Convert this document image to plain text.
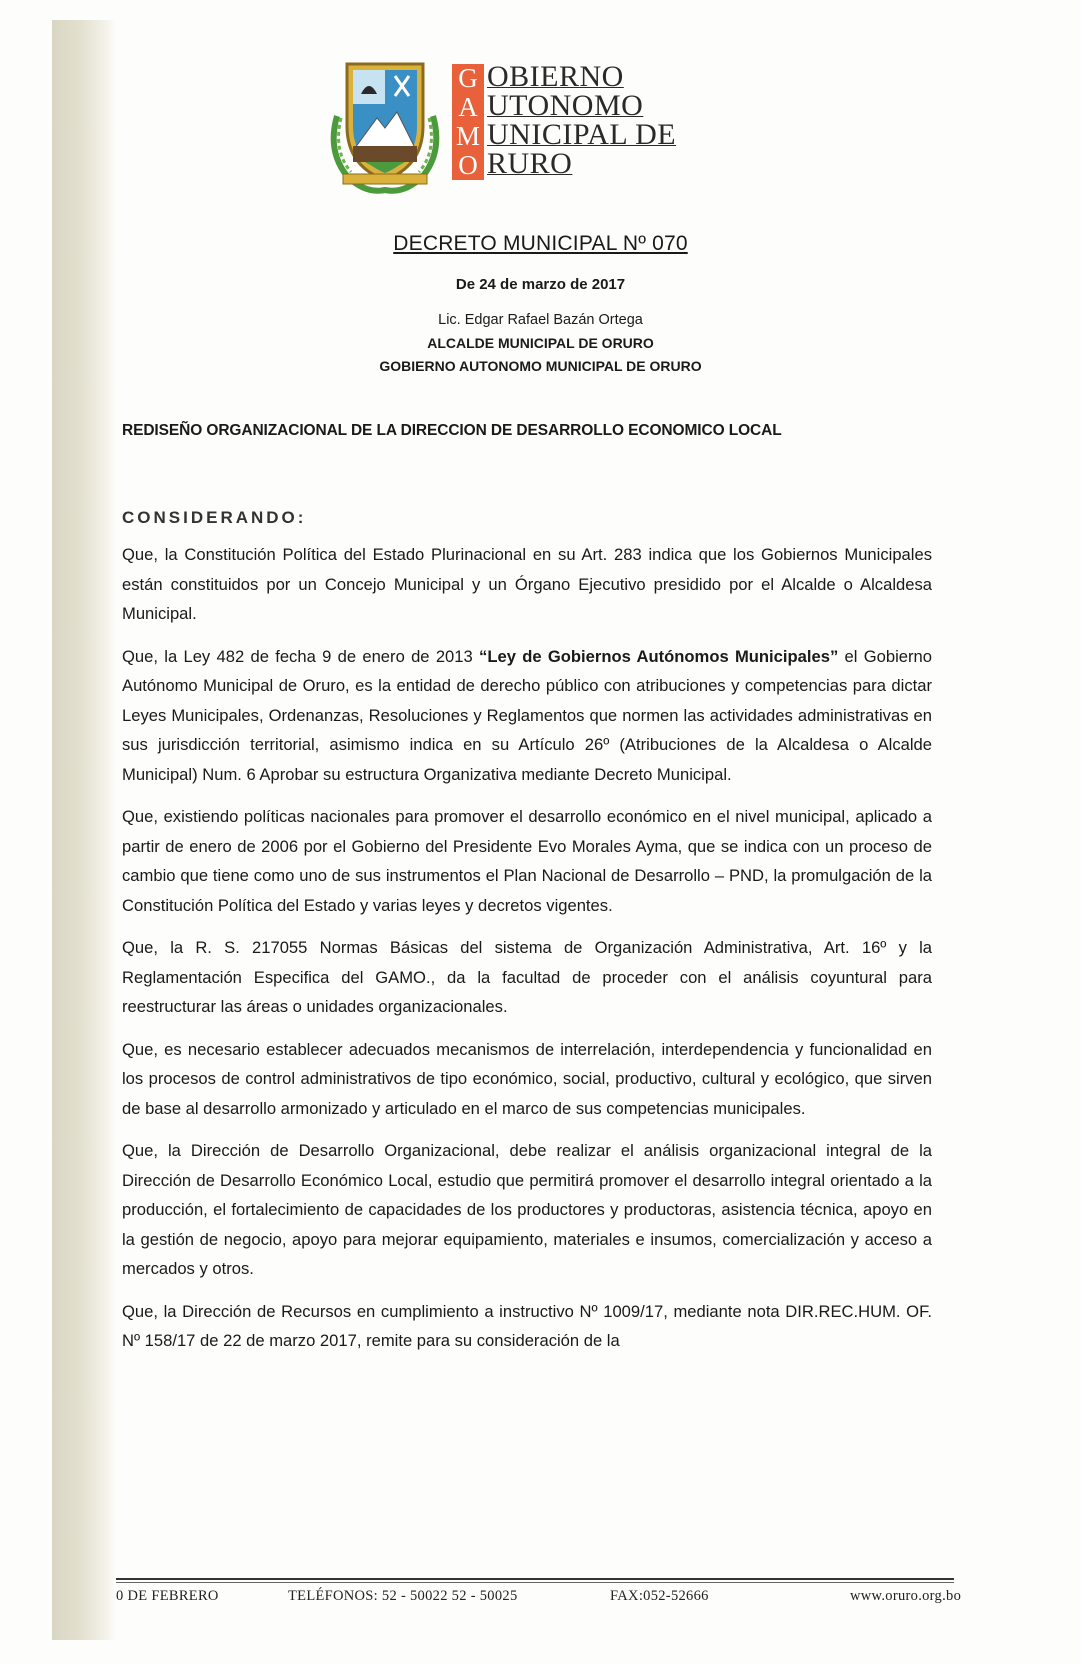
G
A
M
O
OBIERNO
UTONOMO
UNICIPAL DE
RURO
DECRETO MUNICIPAL Nº 070
De 24 de marzo de 2017
Lic. Edgar Rafael Bazán Ortega
ALCALDE MUNICIPAL DE ORURO
GOBIERNO AUTONOMO MUNICIPAL DE ORURO
REDISEÑO ORGANIZACIONAL DE LA DIRECCION DE DESARROLLO ECONOMICO LOCAL
CONSIDERANDO:

Que, la Constitución Política del Estado Plurinacional en su Art. 283 indica que los Gobiernos Municipales están constituidos por un Concejo Municipal y un Órgano Ejecutivo presidido por el Alcalde o Alcaldesa Municipal.

Que, la Ley 482 de fecha 9 de enero de 2013 “Ley de Gobiernos Autónomos Municipales” el Gobierno Autónomo Municipal de Oruro, es la entidad de derecho público con atribuciones y competencias para dictar Leyes Municipales, Ordenanzas, Resoluciones y Reglamentos que normen las actividades administrativas en sus jurisdicción territorial, asimismo indica en su Artículo 26º (Atribuciones de la Alcaldesa o Alcalde Municipal) Num. 6 Aprobar su estructura Organizativa mediante Decreto Municipal.

Que, existiendo políticas nacionales para promover el desarrollo económico en el nivel municipal, aplicado a partir de enero de 2006 por el Gobierno del Presidente Evo Morales Ayma, que se indica con un proceso de cambio que tiene como uno de sus instrumentos el Plan Nacional de Desarrollo – PND, la promulgación de la Constitución Política del Estado y varias leyes y decretos vigentes.

Que, la R. S. 217055 Normas Básicas del sistema de Organización Administrativa, Art. 16º y la Reglamentación Especifica del GAMO., da la facultad de proceder con el análisis coyuntural para reestructurar las áreas o unidades organizacionales.

Que, es necesario establecer adecuados mecanismos de interrelación, interdependencia y funcionalidad en los procesos de control administrativos de tipo económico, social, productivo, cultural y ecológico, que sirven de base al desarrollo armonizado y articulado en el marco de sus competencias municipales.

Que, la Dirección de Desarrollo Organizacional, debe realizar el análisis organizacional integral de la Dirección de Desarrollo Económico Local, estudio que permitirá promover el desarrollo integral orientado a la producción, el fortalecimiento de capacidades de los productores y productoras, asistencia técnica, apoyo en la gestión de negocio, apoyo para mejorar equipamiento, materiales e insumos, comercialización y acceso a mercados y otros.

Que, la Dirección de Recursos en cumplimiento a instructivo Nº 1009/17, mediante nota DIR.REC.HUM. OF. Nº 158/17 de 22 de marzo 2017, remite para su consideración de la

0 DE FEBRERO	TELÉFONOS: 52 - 50022 52 - 50025	FAX:052-52666	www.oruro.org.bo
